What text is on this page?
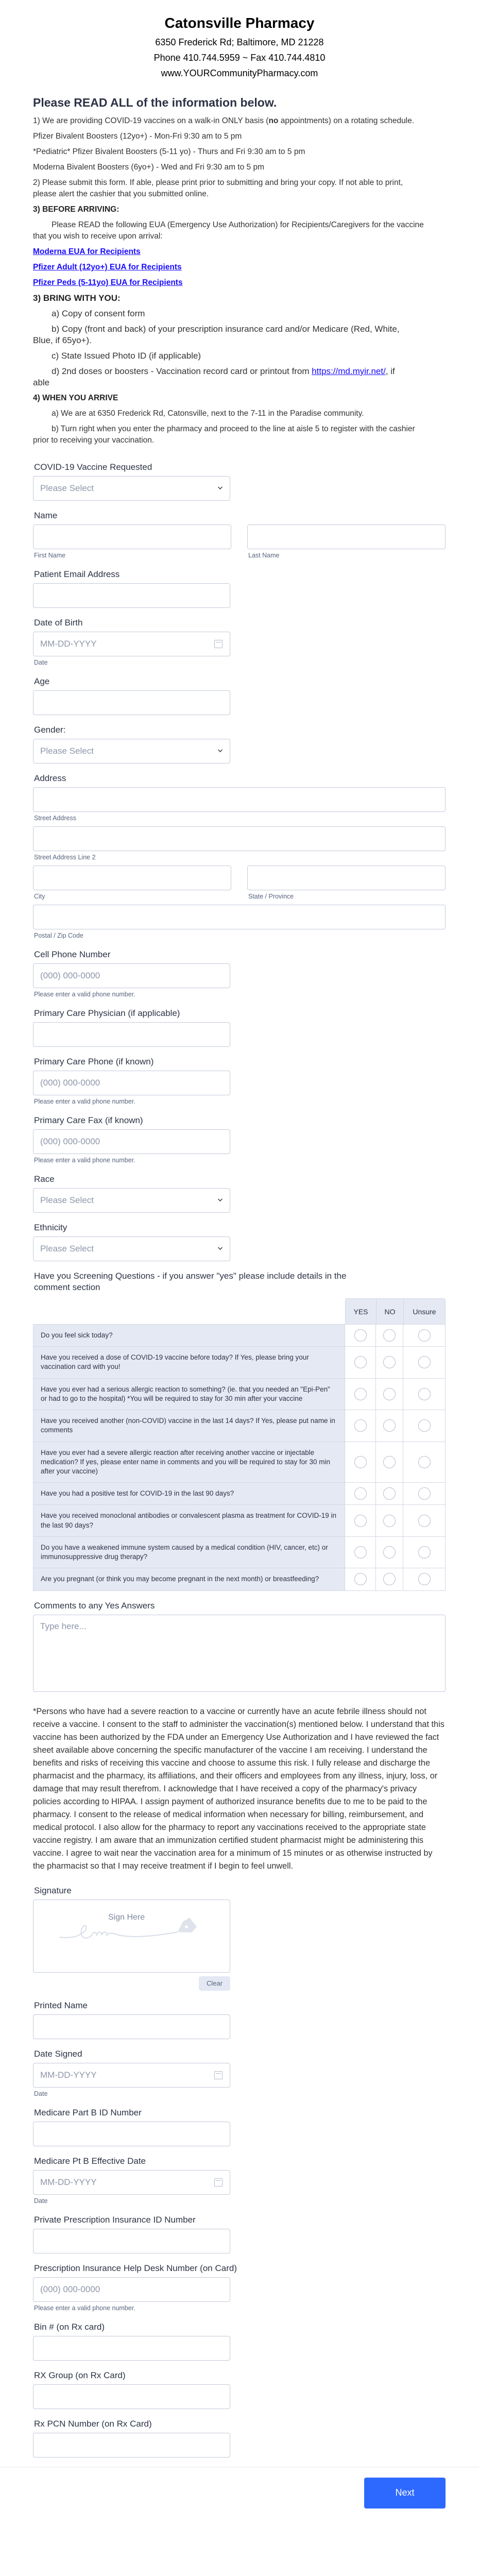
Catonsville Pharmacy
6350 Frederick Rd; Baltimore, MD 21228
Phone 410.744.5959 ~ Fax 410.744.4810
www.YOURCommunityPharmacy.com
Please READ ALL of the information below.
1) We are providing COVID-19 vaccines on a walk-in ONLY basis (no appointments) on a rotating schedule.
Pfizer Bivalent Boosters (12yo+) - Mon-Fri 9:30 am to 5 pm
*Pediatric* Pfizer Bivalent Boosters (5-11 yo) - Thurs and Fri 9:30 am to 5 pm
Moderna Bivalent Boosters (6yo+) - Wed and Fri 9:30 am to 5 pm
2) Please submit this form. If able, please print prior to submitting and bring your copy. If not able to print,
please alert the cashier that you submitted online.
3) BEFORE ARRIVING:
Please READ the following EUA (Emergency Use Authorization) for Recipients/Caregivers for the vaccine
that you wish to receive upon arrival:
Moderna EUA for Recipients
Pfizer Adult (12yo+) EUA for Recipients
Pfizer Peds (5-11yo) EUA for Recipients
3) BRING WITH YOU:
a) Copy of consent form
b) Copy (front and back) of your prescription insurance card and/or Medicare (Red, White,
Blue, if 65yo+).
c) State Issued Photo ID (if applicable)
d) 2nd doses or boosters - Vaccination record card or printout from https://md.myir.net/, if
able
4) WHEN YOU ARRIVE
a) We are at 6350 Frederick Rd, Catonsville, next to the 7-11 in the Paradise community.
b) Turn right when you enter the pharmacy and proceed to the line at aisle 5 to register with the cashier
prior to receiving your vaccination.
COVID-19 Vaccine Requested
Please Select
Name
First Name	Last Name
Patient Email Address
Date of Birth
MM-DD-YYYY
Date
Age
Gender:
Please Select
Address
Street Address
Street Address Line 2
City	State / Province
Postal / Zip Code
Cell Phone Number
(000) 000-0000
Please enter a valid phone number.
Primary Care Physician (if applicable)
Primary Care Phone (if known)
(000) 000-0000
Please enter a valid phone number.
Primary Care Fax (if known)
(000) 000-0000
Please enter a valid phone number.
Race
Please Select
Ethnicity
Please Select
Have you Screening Questions - if you answer "yes" please include details in the
comment section
YES	NO	Unsure
Do you feel sick today?
Have you received a dose of COVID-19 vaccine before today? If Yes, please bring your vaccination card with you!
Have you ever had a serious allergic reaction to something? (ie. that you needed an "Epi-Pen" or had to go to the hospital) *You will be required to stay for 30 min after your vaccine
Have you received another (non-COVID) vaccine in the last 14 days? If Yes, please put name in comments
Have you ever had a severe allergic reaction after receiving another vaccine or injectable medication? If yes, please enter name in comments and you will be required to stay for 30 min after your vaccine)
Have you had a positive test for COVID-19 in the last 90 days?
Have you received monoclonal antibodies or convalescent plasma as treatment for COVID-19 in the last 90 days?
Do you have a weakened immune system caused by a medical condition (HIV, cancer, etc) or immunosuppressive drug therapy?
Are you pregnant (or think you may become pregnant in the next month) or breastfeeding?
Comments to any Yes Answers
Type here...
*Persons who have had a severe reaction to a vaccine or currently have an acute febrile illness should not receive a vaccine. I consent to the staff to administer the vaccination(s) mentioned below. I understand that this vaccine has been authorized by the FDA under an Emergency Use Authorization and I have reviewed the fact sheet available above concerning the specific manufacturer of the vaccine I am receiving. I understand the benefits and risks of receiving this vaccine and choose to assume this risk. I fully release and discharge the pharmacist and the pharmacy, its affiliations, and their officers and employees from any illness, injury, loss, or damage that may result therefrom. I acknowledge that I have received a copy of the pharmacy's privacy policies according to HIPAA. I assign payment of authorized insurance benefits due to me to be paid to the pharmacy. I consent to the release of medical information when necessary for billing, reimbursement, and medical protocol. I also allow for the pharmacy to report any vaccinations received to the appropriate state vaccine registry. I am aware that an immunization certified student pharmacist might be administering this vaccine. I agree to wait near the vaccination area for a minimum of 15 minutes or as otherwise instructed by the pharmacist so that I may receive treatment if I begin to feel unwell.
Signature
Sign Here
Clear
Printed Name
Date Signed
MM-DD-YYYY
Date
Medicare Part B ID Number
Medicare Pt B Effective Date
MM-DD-YYYY
Date
Private Prescription Insurance ID Number
Prescription Insurance Help Desk Number (on Card)
(000) 000-0000
Please enter a valid phone number.
Bin # (on Rx card)
RX Group (on Rx Card)
Rx PCN Number (on Rx Card)
Next
